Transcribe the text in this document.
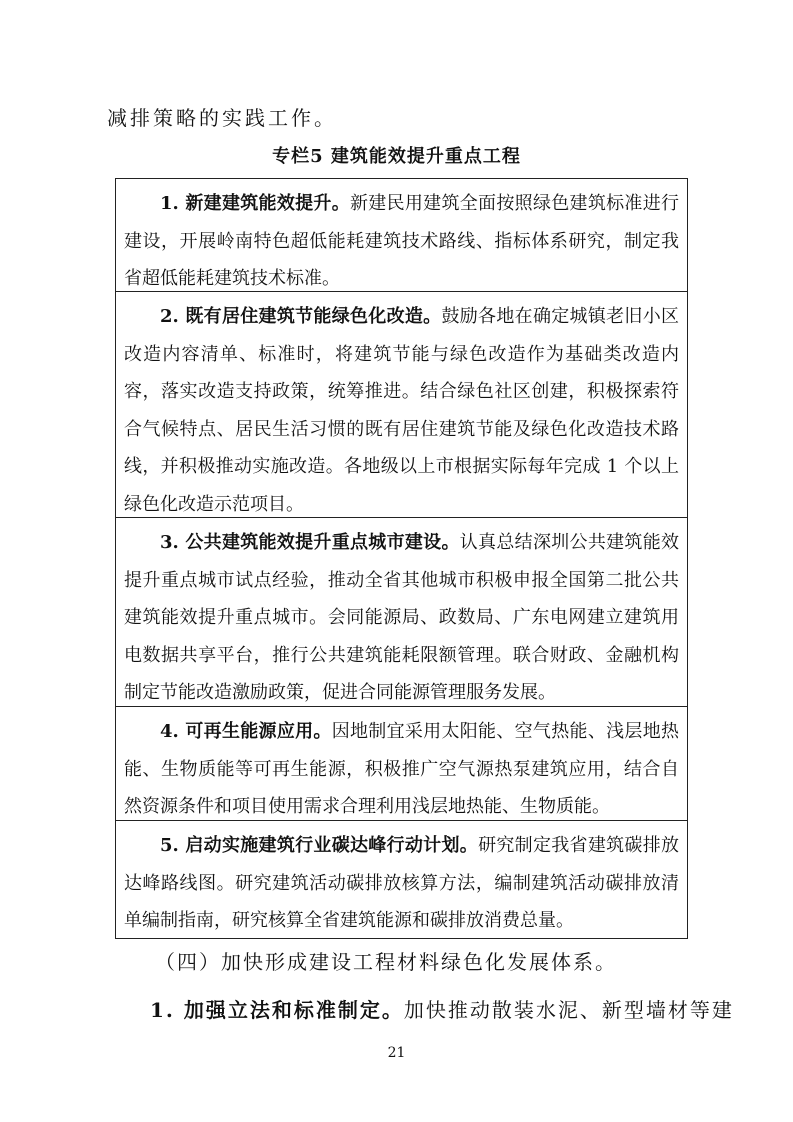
减排策略的实践工作。
专栏5 建筑能效提升重点工程
1. 新建建筑能效提升。新建民用建筑全面按照绿色建筑标准进行建设，开展岭南特色超低能耗建筑技术路线、指标体系研究，制定我省超低能耗建筑技术标准。
2. 既有居住建筑节能绿色化改造。鼓励各地在确定城镇老旧小区改造内容清单、标准时，将建筑节能与绿色改造作为基础类改造内容，落实改造支持政策，统筹推进。结合绿色社区创建，积极探索符合气候特点、居民生活习惯的既有居住建筑节能及绿色化改造技术路线，并积极推动实施改造。各地级以上市根据实际每年完成 1 个以上绿色化改造示范项目。
3. 公共建筑能效提升重点城市建设。认真总结深圳公共建筑能效提升重点城市试点经验，推动全省其他城市积极申报全国第二批公共建筑能效提升重点城市。会同能源局、政数局、广东电网建立建筑用电数据共享平台，推行公共建筑能耗限额管理。联合财政、金融机构制定节能改造激励政策，促进合同能源管理服务发展。
4. 可再生能源应用。因地制宜采用太阳能、空气热能、浅层地热能、生物质能等可再生能源，积极推广空气源热泵建筑应用，结合自然资源条件和项目使用需求合理利用浅层地热能、生物质能。
5. 启动实施建筑行业碳达峰行动计划。研究制定我省建筑碳排放达峰路线图。研究建筑活动碳排放核算方法，编制建筑活动碳排放清单编制指南，研究核算全省建筑能源和碳排放消费总量。
（四）加快形成建设工程材料绿色化发展体系。
1. 加强立法和标准制定。加快推动散装水泥、新型墙材等建
21
